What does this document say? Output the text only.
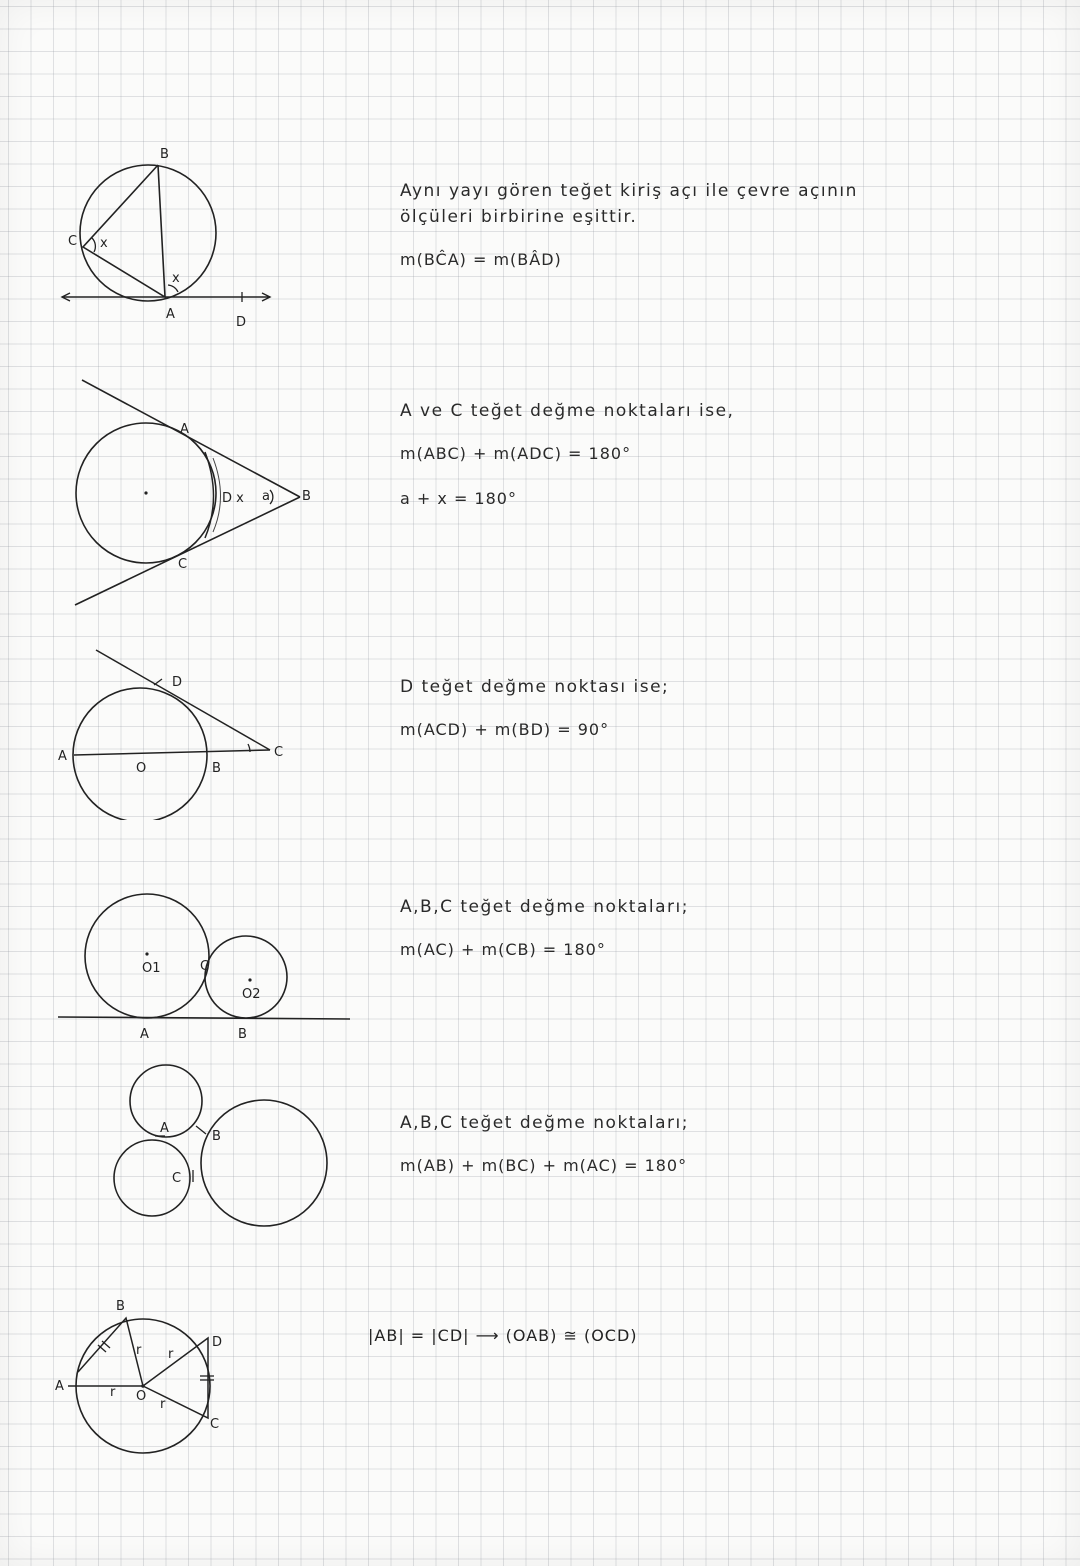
B
C x
x
A
D
Aynı yayı gören teğet kiriş açı ile çevre açının
ölçüleri birbirine eşittir.
m(BĈA) = m(BÂD)
A
C
D x a B
A ve C teğet değme noktaları ise,
m(ABC) + m(ADC) = 180°
a + x = 180°
D
A
O	B
C
D teğet değme noktası ise;
m(ACD) + m(BD) = 90°
O1	C
O2
A	B
A,B,C teğet değme noktaları;
m(AC) + m(CB) = 180°
A
B
C
A,B,C teğet değme noktaları;
m(AB) + m(BC) + m(AC) = 180°
B
A
r r
r
r
O
D
C
|AB| = |CD| ⟶ (OAB) ≅ (OCD)
